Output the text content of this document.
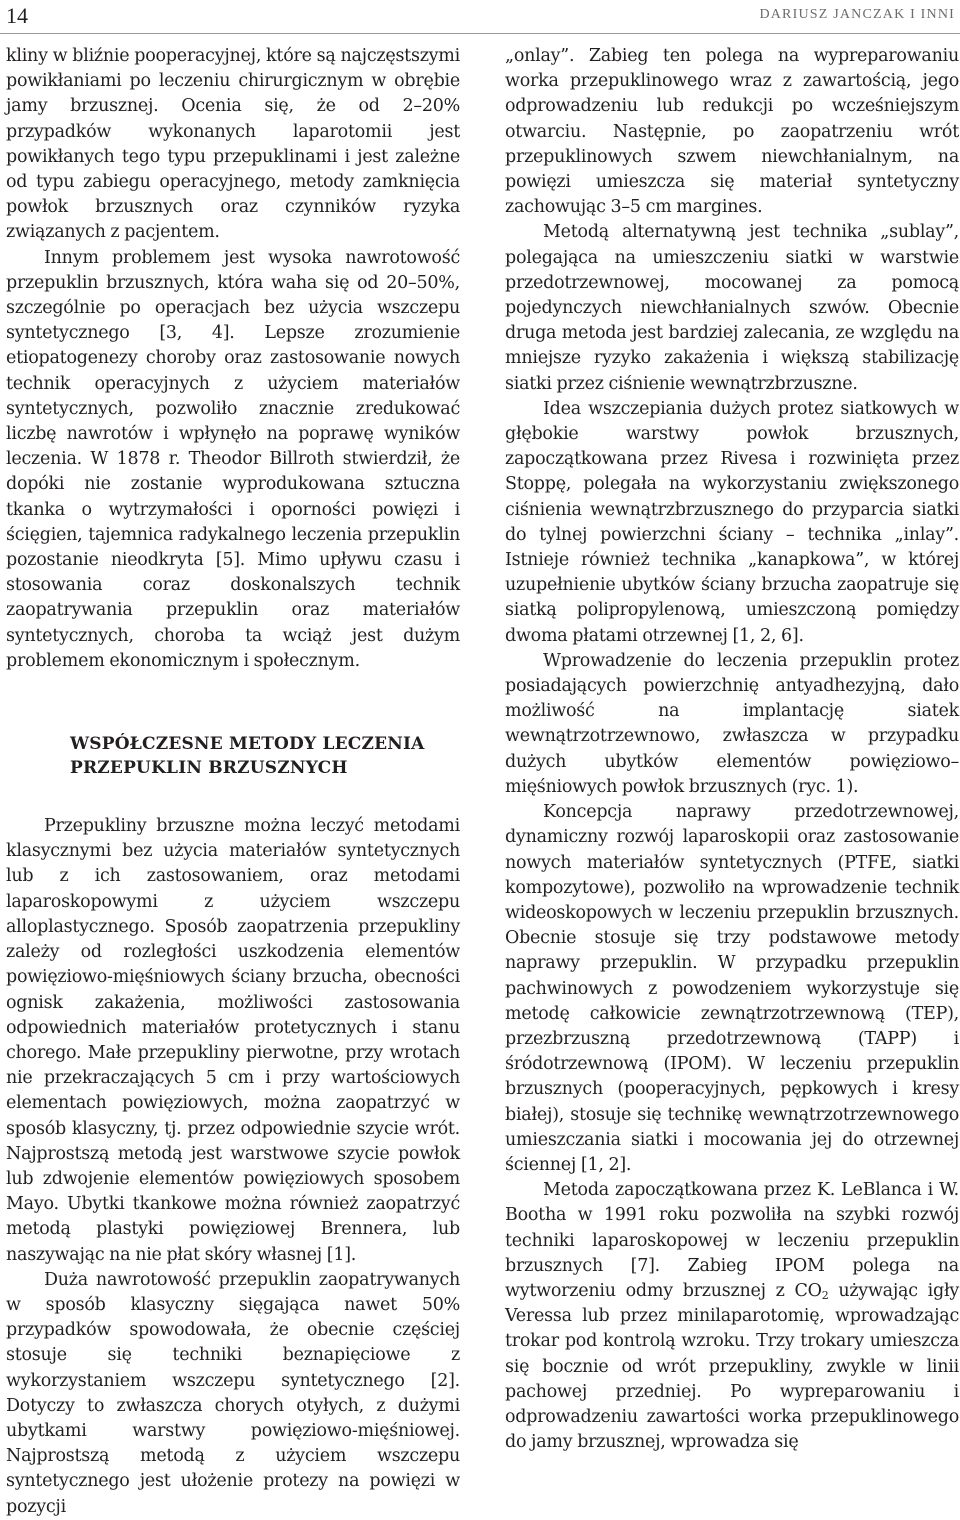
14	DARIUSZ JANCZAK I INNI

kliny w bliźnie pooperacyjnej, które są najczęstszymi powikłaniami po leczeniu chirurgicznym w obrębie jamy brzusznej. Ocenia się, że od 2–20% przypadków wykonanych laparotomii jest powikłanych tego typu przepuklinami i jest zależne od typu zabiegu operacyjnego, metody zamknięcia powłok brzusznych oraz czynników ryzyka związanych z pacjentem.

Innym problemem jest wysoka nawrotowość przepuklin brzusznych, która waha się od 20–50%, szczególnie po operacjach bez użycia wszczepu syntetycznego [3, 4]. Lepsze zrozumienie etiopatogenezy choroby oraz zastosowanie nowych technik operacyjnych z użyciem materiałów syntetycznych, pozwoliło znacznie zredukować liczbę nawrotów i wpłynęło na poprawę wyników leczenia. W 1878 r. Theodor Billroth stwierdził, że dopóki nie zostanie wyprodukowana sztuczna tkanka o wytrzymałości i oporności powięzi i ścięgien, tajemnica radykalnego leczenia przepuklin pozostanie nieodkryta [5]. Mimo upływu czasu i stosowania coraz doskonalszych technik zaopatrywania przepuklin oraz materiałów syntetycznych, choroba ta wciąż jest dużym problemem ekonomicznym i społecznym.

WSPÓŁCZESNE METODY LECZENIA
PRZEPUKLIN BRZUSZNYCH

Przepukliny brzuszne można leczyć metodami klasycznymi bez użycia materiałów syntetycznych lub z ich zastosowaniem, oraz metodami laparoskopowymi z użyciem wszczepu alloplastycznego. Sposób zaopatrzenia przepukliny zależy od rozległości uszkodzenia elementów powięziowo-mięśniowych ściany brzucha, obecności ognisk zakażenia, możliwości zastosowania odpowiednich materiałów protetycznych i stanu chorego. Małe przepukliny pierwotne, przy wrotach nie przekraczających 5 cm i przy wartościowych elementach powięziowych, można zaopatrzyć w sposób klasyczny, tj. przez odpowiednie szycie wrót. Najprostszą metodą jest warstwowe szycie powłok lub zdwojenie elementów powięziowych sposobem Mayo. Ubytki tkankowe można również zaopatrzyć metodą plastyki powięziowej Brennera, lub naszywając na nie płat skóry własnej [1].

Duża nawrotowość przepuklin zaopatrywanych w sposób klasyczny sięgająca nawet 50% przypadków spowodowała, że obecnie częściej stosuje się techniki beznapięciowe z wykorzystaniem wszczepu syntetycznego [2]. Dotyczy to zwłaszcza chorych otyłych, z dużymi ubytkami warstwy powięziowo-mięśniowej. Najprostszą metodą z użyciem wszczepu syntetycznego jest ułożenie protezy na powięzi w pozycji

„onlay”. Zabieg ten polega na wypreparowaniu worka przepuklinowego wraz z zawartością, jego odprowadzeniu lub redukcji po wcześniejszym otwarciu. Następnie, po zaopatrzeniu wrót przepuklinowych szwem niewchłanialnym, na powięzi umieszcza się materiał syntetyczny zachowując 3–5 cm margines.

Metodą alternatywną jest technika „sublay”, polegająca na umieszczeniu siatki w warstwie przedotrzewnowej, mocowanej za pomocą pojedynczych niewchłanialnych szwów. Obecnie druga metoda jest bardziej zalecania, ze względu na mniejsze ryzyko zakażenia i większą stabilizację siatki przez ciśnienie wewnątrzbrzuszne.

Idea wszczepiania dużych protez siatkowych w głębokie warstwy powłok brzusznych, zapoczątkowana przez Rivesa i rozwinięta przez Stoppę, polegała na wykorzystaniu zwiększonego ciśnienia wewnątrzbrzusznego do przyparcia siatki do tylnej powierzchni ściany – technika „inlay”. Istnieje również technika „kanapkowa”, w której uzupełnienie ubytków ściany brzucha zaopatruje się siatką polipropylenową, umieszczoną pomiędzy dwoma płatami otrzewnej [1, 2, 6].

Wprowadzenie do leczenia przepuklin protez posiadających powierzchnię antyadhezyjną, dało możliwość na implantację siatek wewnątrzotrzewnowo, zwłaszcza w przypadku dużych ubytków elementów powięziowo–mięśniowych powłok brzusznych (ryc. 1).

Koncepcja naprawy przedotrzewnowej, dynamiczny rozwój laparoskopii oraz zastosowanie nowych materiałów syntetycznych (PTFE, siatki kompozytowe), pozwoliło na wprowadzenie technik wideoskopowych w leczeniu przepuklin brzusznych. Obecnie stosuje się trzy podstawowe metody naprawy przepuklin. W przypadku przepuklin pachwinowych z powodzeniem wykorzystuje się metodę całkowicie zewnątrzotrzewnową (TEP), przezbrzuszną przedotrzewnową (TAPP) i śródotrzewnową (IPOM). W leczeniu przepuklin brzusznych (pooperacyjnych, pępkowych i kresy białej), stosuje się technikę wewnątrzotrzewnowego umieszczania siatki i mocowania jej do otrzewnej ściennej [1, 2].

Metoda zapoczątkowana przez K. LeBlanca i W. Bootha w 1991 roku pozwoliła na szybki rozwój techniki laparoskopowej w leczeniu przepuklin brzusznych [7]. Zabieg IPOM polega na wytworzeniu odmy brzusznej z $CO_2$ używając igły Veressa lub przez minilaparotomię, wprowadzając trokar pod kontrolą wzroku. Trzy trokary umieszcza się bocznie od wrót przepukliny, zwykle w linii pachowej przedniej. Po wypreparowaniu i odprowadzeniu zawartości worka przepuklinowego do jamy brzusznej, wprowadza się
